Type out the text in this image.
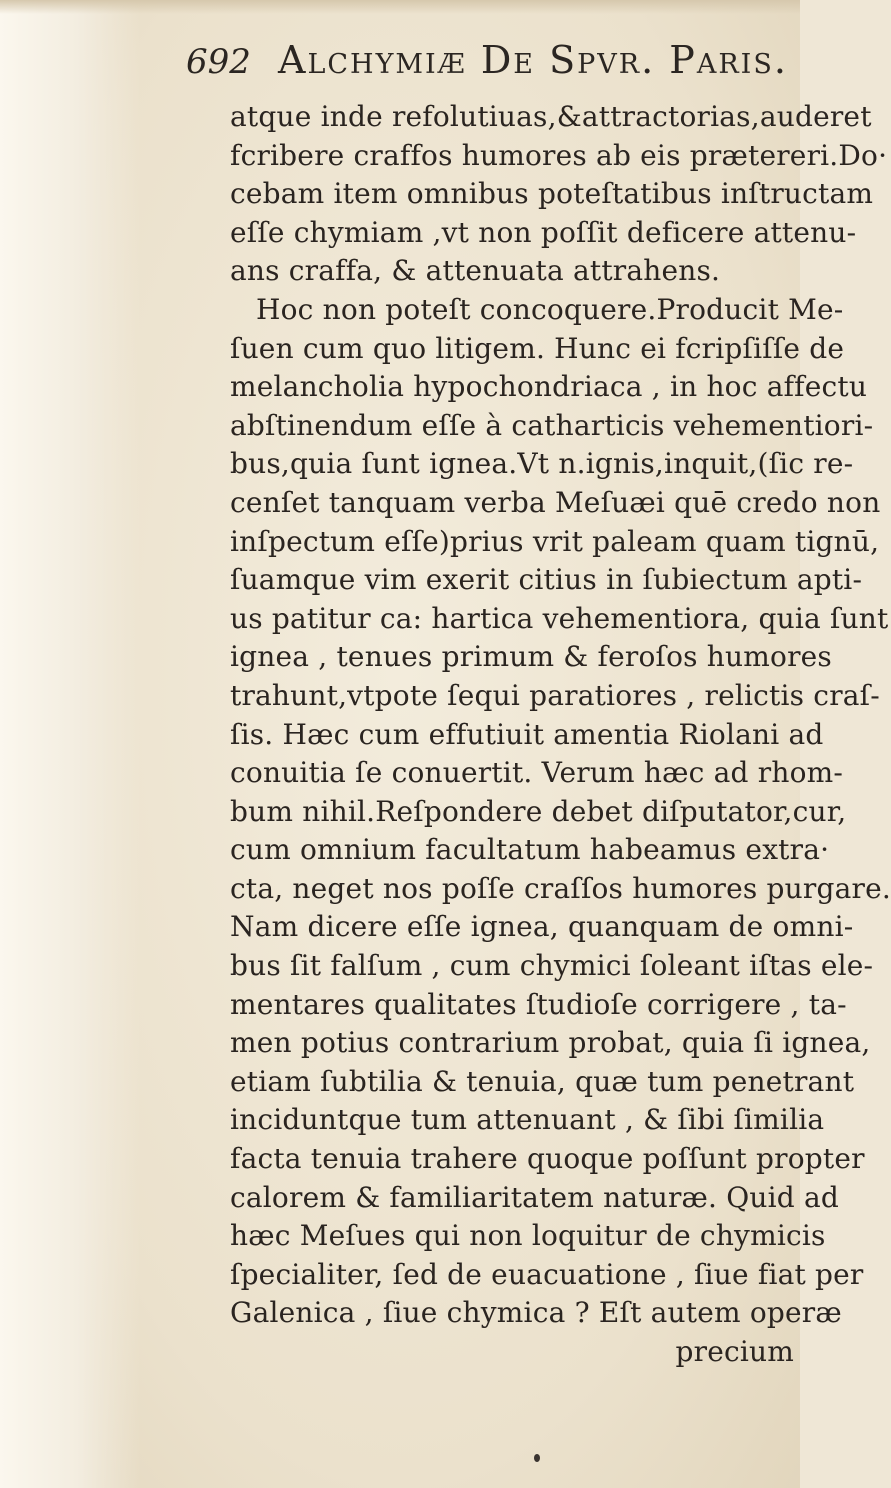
692 Alchymiæ De Spvr. Parıs.
atque inde refolutiuas,&attractorias,auderet
fcribere craffos humores ab eis prætereri.Do·
cebam item omnibus poteſtatibus inſtructam
eſſe chymiam ,vt non poſſit deficere attenu-
ans craffa, & attenuata attrahens.
Hoc non poteſt concoquere.Producit Me-
ſuen cum quo litigem. Hunc ei fcripſiſſe de
melancholia hypochondriaca , in hoc affectu
abſtinendum eſſe à catharticis vehementiori-
bus,quia ſunt ignea.Vt n.ignis,inquit,(ſic re-
cenſet tanquam verba Meſuæi quē credo non
inſpectum eſſe)prius vrit paleam quam tignū,
ſuamque vim exerit citius in ſubiectum apti-
us patitur ca: hartica vehementiora, quia ſunt
ignea , tenues primum & feroſos humores
trahunt,vtpote ſequi paratiores , relictis craſ-
ſis. Hæc cum effutiuit amentia Riolani ad
conuitia ſe conuertit. Verum hæc ad rhom-
bum nihil.Reſpondere debet diſputator,cur,
cum omnium facultatum habeamus extra·
cta, neget nos poſſe craſſos humores purgare.
Nam dicere eſſe ignea, quanquam de omni-
bus ſit falſum , cum chymici ſoleant iſtas ele-
mentares qualitates ſtudioſe corrigere , ta-
men potius contrarium probat, quia ſi ignea,
etiam ſubtilia & tenuia, quæ tum penetrant
inciduntque tum attenuant , & ſibi ſimilia
facta tenuia trahere quoque poſſunt propter
calorem & familiaritatem naturæ. Quid ad
hæc Meſues qui non loquitur de chymicis
ſpecialiter, ſed de euacuatione , ſiue fiat per
Galenica , ſiue chymica ? Eſt autem operæ
precium
